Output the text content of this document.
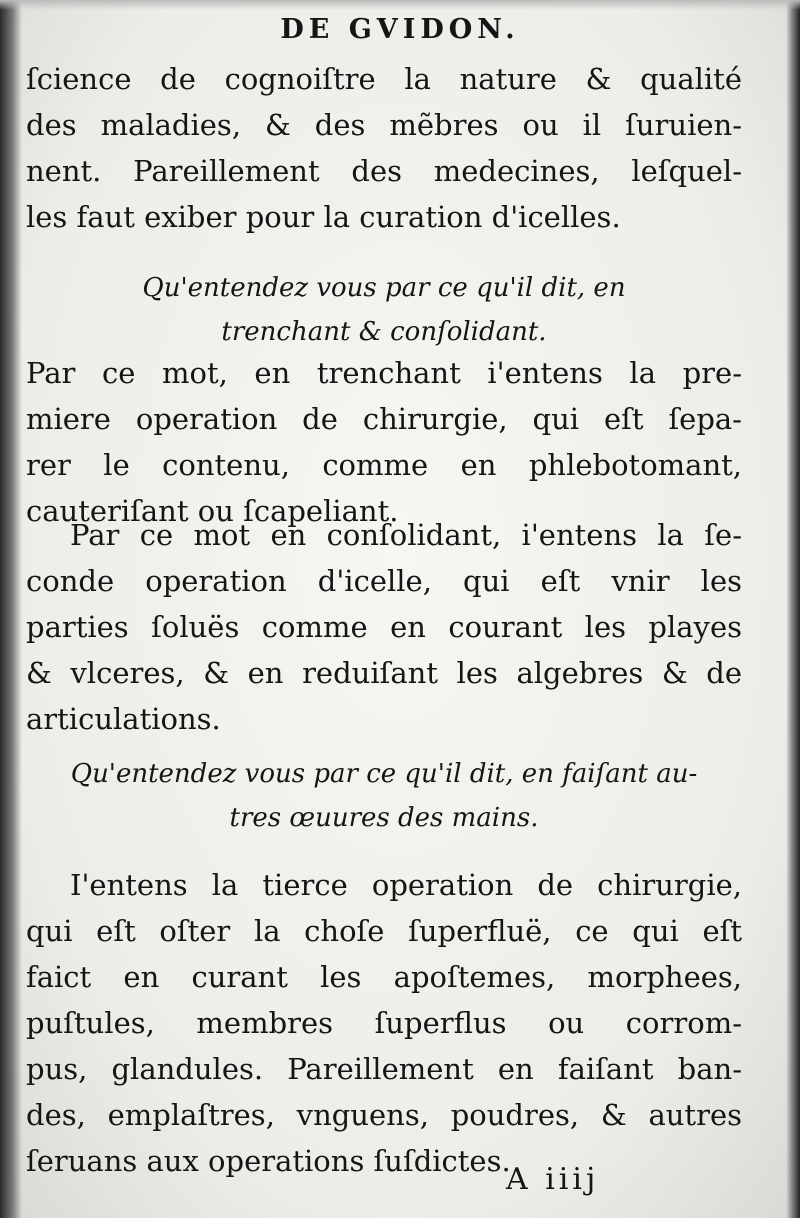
DE GVIDON.
ſcience de cognoiſtre la nature & qualité
des maladies, & des mẽbres ou il ſuruien-
nent. Pareillement des medecines, leſquel-
les faut exiber pour la curation d'icelles.
Qu'entendez vous par ce qu'il dit, en
trenchant & conſolidant.
Par ce mot, en trenchant i'entens la pre-
miere operation de chirurgie, qui eſt ſepa-
rer le contenu, comme en phlebotomant,
cauteriſant ou ſcapeliant.
Par ce mot en conſolidant, i'entens la ſe-
conde operation d'icelle, qui eſt vnir les
parties ſoluës comme en courant les playes
& vlceres, & en reduiſant les algebres & de
articulations.
Qu'entendez vous par ce qu'il dit, en faiſant au-
tres œuures des mains.
I'entens la tierce operation de chirurgie,
qui eſt oſter la choſe ſuperfluë, ce qui eſt
faict en curant les apoſtemes, morphees,
puſtules, membres ſuperflus ou corrom-
pus, glandules. Pareillement en faiſant ban-
des, emplaſtres, vnguens, poudres, & autres
ſeruans aux operations ſuſdictes.
A iiij
